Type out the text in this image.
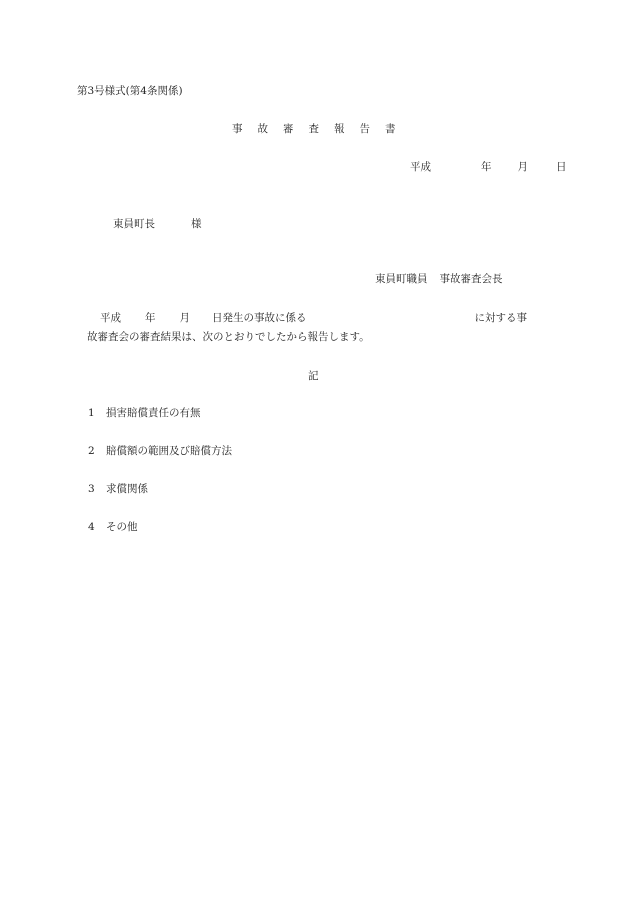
第3号様式(第4条関係)
事 故 審 査 報 告 書
平成	年 月	日
東員町長	様
東員町職員 事故審査会長
平成 年 月 日発生の事故に係る	に対する事
故審査会の審査結果は、次のとおりでしたから報告します。
記
1 損害賠償責任の有無
2 賠償額の範囲及び賠償方法
3 求償関係
4 その他
